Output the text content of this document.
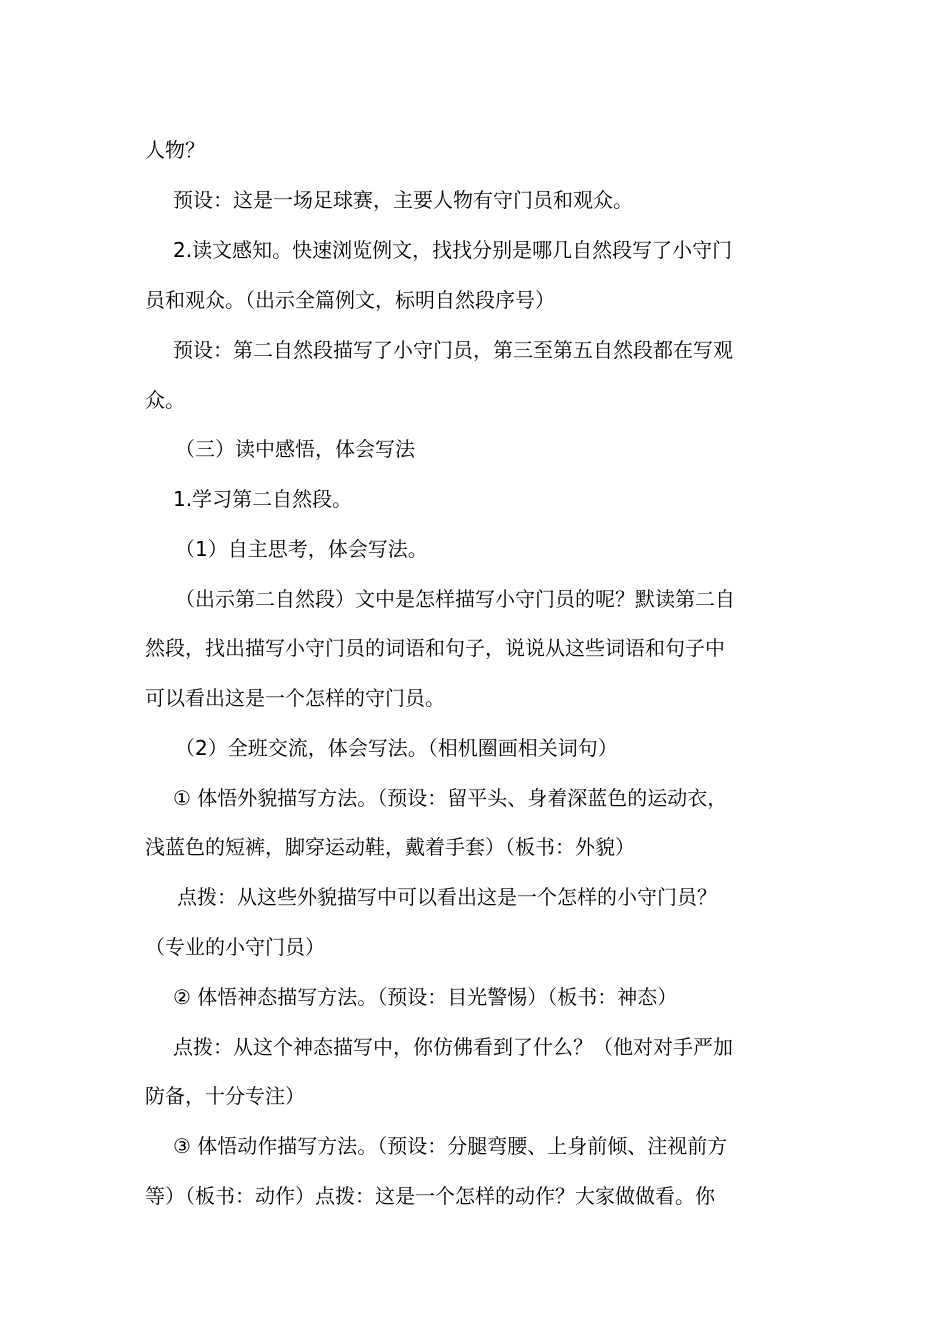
人物？
预设：这是一场足球赛，主要人物有守门员和观众。
2.读文感知。快速浏览例文，找找分别是哪几自然段写了小守门
员和观众。（出示全篇例文，标明自然段序号）
预设：第二自然段描写了小守门员，第三至第五自然段都在写观
众。
（三）读中感悟，体会写法
1.学习第二自然段。
（1）自主思考，体会写法。
（出示第二自然段）文中是怎样描写小守门员的呢？默读第二自
然段，找出描写小守门员的词语和句子，说说从这些词语和句子中
可以看出这是一个怎样的守门员。
（2）全班交流，体会写法。（相机圈画相关词句）
① 体悟外貌描写方法。（预设：留平头、身着深蓝色的运动衣，
浅蓝色的短裤，脚穿运动鞋，戴着手套）（板书：外貌）
点拨：从这些外貌描写中可以看出这是一个怎样的小守门员？
（专业的小守门员）
② 体悟神态描写方法。（预设：目光警惕）（板书：神态）
点拨：从这个神态描写中，你仿佛看到了什么？（他对对手严加
防备，十分专注）
③ 体悟动作描写方法。（预设：分腿弯腰、上身前倾、注视前方
等）（板书：动作）点拨：这是一个怎样的动作？大家做做看。你
